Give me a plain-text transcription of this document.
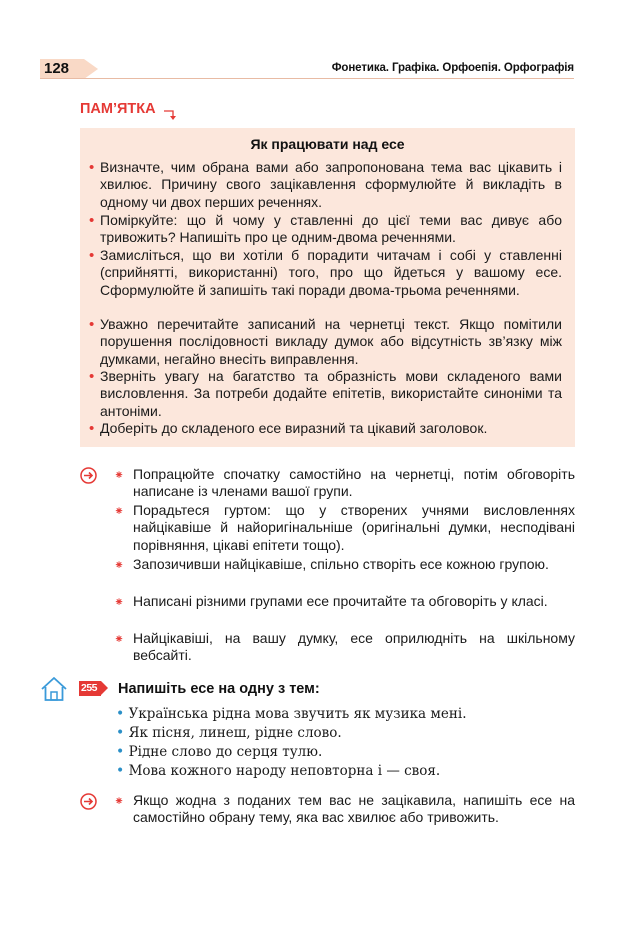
128	Фонетика. Графіка. Орфоепія. Орфографія
ПАМ’ЯТКА
Як працювати над есе
• Визначте, чим обрана вами або запропонована тема вас цікавить і хвилює. Причину свого зацікавлення сформулюйте й викладіть в одному чи двох перших реченнях.
• Поміркуйте: що й чому у ставленні до цієї теми вас дивує або тривожить? Напишіть про це одним-двома реченнями.
• Замисліться, що ви хотіли б порадити читачам і собі у ставленні (сприйнятті, використанні) того, про що йдеться у вашому есе. Сформулюйте й запишіть такі поради двома-трьома реченнями.
• Уважно перечитайте записаний на чернетці текст. Якщо помітили порушення послідовності викладу думок або відсутність зв’язку між думками, негайно внесіть виправлення.
• Зверніть увагу на багатство та образність мови складеного вами висловлення. За потреби додайте епітетів, використайте синоніми та антоніми.
• Доберіть до складеного есе виразний та цікавий заголовок.
⁕ Попрацюйте спочатку самостійно на чернетці, потім обговоріть написане із членами вашої групи.
⁕ Порадьтеся гуртом: що у створених учнями висловленнях найцікавіше й найоригінальніше (оригінальні думки, несподівані порівняння, цікаві епітети тощо).
⁕ Запозичивши найцікавіше, спільно створіть есе кожною групою.
⁕ Написані різними групами есе прочитайте та обговоріть у класі.
⁕ Найцікавіші, на вашу думку, есе оприлюдніть на шкільному вебсайті.
255 Напишіть есе на одну з тем:
• Українська рідна мова звучить як музика мені.
• Як пісня, линеш, рідне слово.
• Рідне слово до серця тулю.
• Мова кожного народу неповторна і — своя.
⁕ Якщо жодна з поданих тем вас не зацікавила, напишіть есе на самостійно обрану тему, яка вас хвилює або тривожить.
